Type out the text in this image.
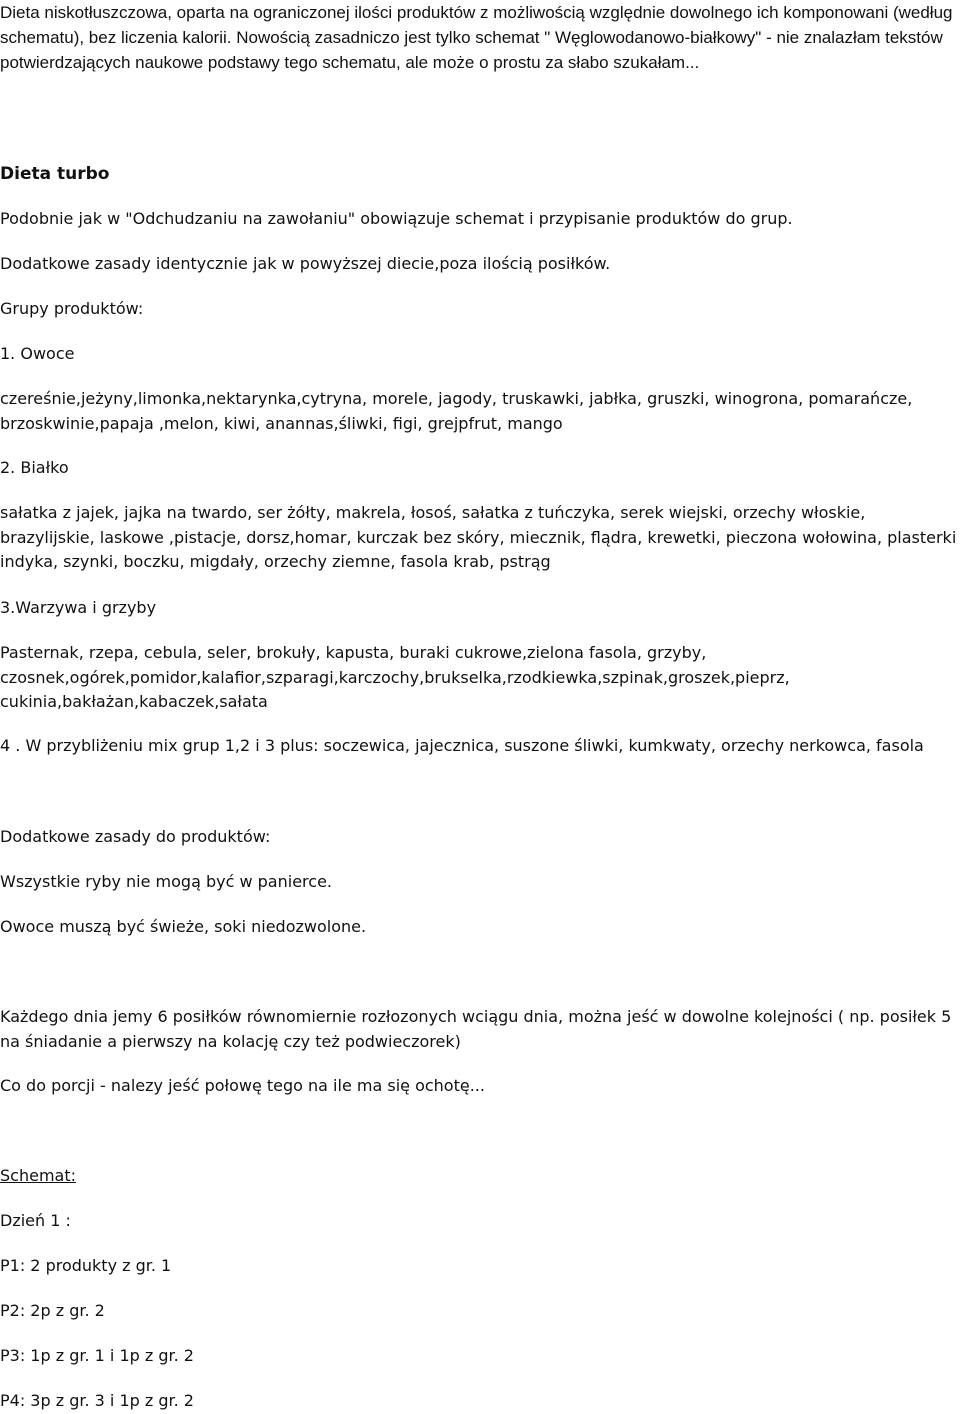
Dieta niskotłuszczowa, oparta na ograniczonej ilości produktów z możliwością względnie dowolnego ich komponowani (według schematu), bez liczenia kalorii. Nowością zasadniczo jest tylko schemat " Węglowodanowo-białkowy" - nie znalazłam tekstów potwierdzających naukowe podstawy tego schematu, ale może o prostu za słabo szukałam...

Dieta turbo

Podobnie jak w "Odchudzaniu na zawołaniu" obowiązuje schemat i przypisanie produktów do grup.

Dodatkowe zasady identycznie jak w powyższej diecie,poza ilością posiłków.

Grupy produktów:

1. Owoce

czereśnie,jeżyny,limonka,nektarynka,cytryna, morele, jagody, truskawki, jabłka, gruszki, winogrona, pomarańcze, brzoskwinie,papaja ,melon, kiwi, anannas,śliwki, figi, grejpfrut, mango

2. Białko

sałatka z jajek, jajka na twardo, ser żółty, makrela, łosoś, sałatka z tuńczyka, serek wiejski, orzechy włoskie, brazylijskie, laskowe ,pistacje, dorsz,homar, kurczak bez skóry, miecznik, flądra, krewetki, pieczona wołowina, plasterki indyka, szynki, boczku, migdały, orzechy ziemne, fasola krab, pstrąg

3.Warzywa i grzyby

Pasternak, rzepa, cebula, seler, brokuły, kapusta, buraki cukrowe,zielona fasola, grzyby, czosnek,ogórek,pomidor,kalafior,szparagi,karczochy,brukselka,rzodkiewka,szpinak,groszek,pieprz, cukinia,bakłażan,kabaczek,sałata

4 . W przybliżeniu mix grup 1,2 i 3 plus: soczewica, jajecznica, suszone śliwki, kumkwaty, orzechy nerkowca, fasola

Dodatkowe zasady do produktów:

Wszystkie ryby nie mogą być w panierce.

Owoce muszą być świeże, soki niedozwolone.

Każdego dnia jemy 6 posiłków równomiernie rozłozonych wciągu dnia, można jeść w dowolne kolejności ( np. posiłek 5 na śniadanie a pierwszy na kolację czy też podwieczorek)

Co do porcji - nalezy jeść połowę tego na ile ma się ochotę...

Schemat:

Dzień 1 :

P1: 2 produkty z gr. 1

P2: 2p z gr. 2

P3: 1p z gr. 1 i 1p z gr. 2

P4: 3p z gr. 3 i 1p z gr. 2
